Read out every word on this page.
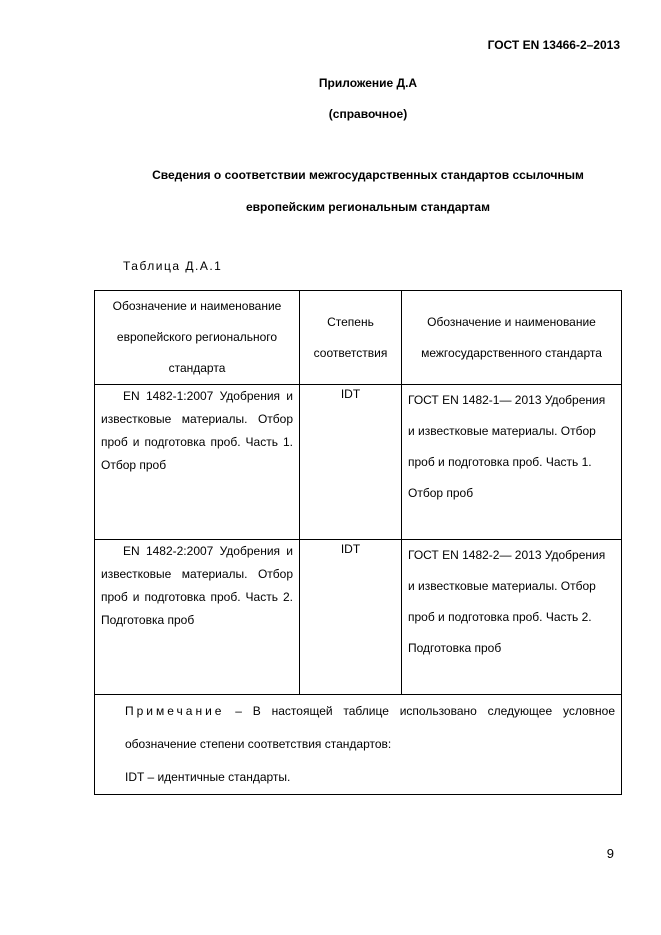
ГОСТ EN 13466-2–2013
Приложение Д.А
(справочное)
Сведения о соответствии межгосударственных стандартов ссылочным
европейским региональным стандартам
Таблица Д.А.1
Обозначение и наименование европейского регионального стандарта	Степень соответствия	Обозначение и наименование межгосударственного стандарта
EN 1482-1:2007 Удобрения и известковые материалы. Отбор проб и подготовка проб. Часть 1. Отбор проб	IDT	ГОСТ EN 1482-1— 2013 Удобрения и известковые материалы. Отбор проб и подготовка проб. Часть 1. Отбор проб
EN 1482-2:2007 Удобрения и известковые материалы. Отбор проб и подготовка проб. Часть 2. Подготовка проб	IDT	ГОСТ EN 1482-2— 2013 Удобрения и известковые материалы. Отбор проб и подготовка проб. Часть 2. Подготовка проб

Примечание – В настоящей таблице использовано следующее условное обозначение степени соответствия стандартов:
IDT – идентичные стандарты.		
9
